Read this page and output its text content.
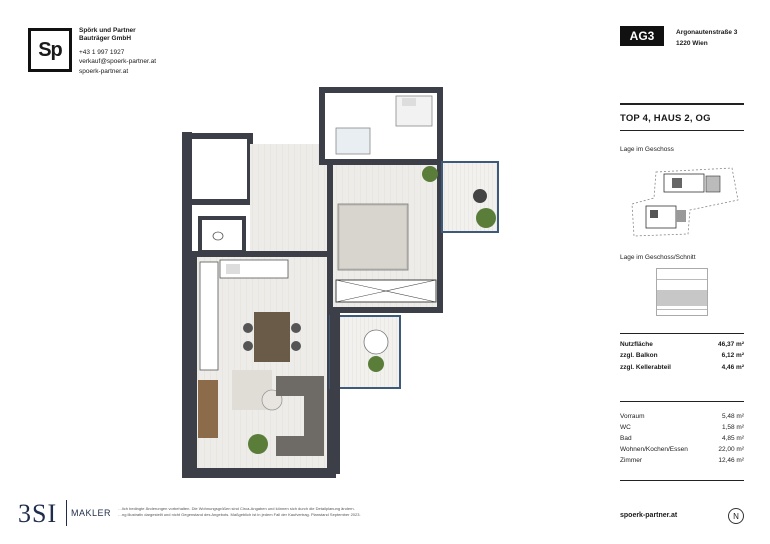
Sp
Spörk und Partner
Bauträger GmbH
+43 1 997 1927
verkauf@spoerk-partner.at
spoerk-partner.at
AG3	Argonautenstraße 3
1220 Wien
TOP 4, HAUS 2, OG
Lage im Geschoss
Lage im Geschoss/Schnitt
Nutzfläche	46,37 m²
zzgl. Balkon	6,12 m²
zzgl. Kellerabteil	4,46 m²
Vorraum	5,48 m²
WC	1,58 m²
Bad	4,85 m²
Wohnen/Kochen/Essen	22,00 m²
Zimmer	12,46 m²
spoerk-partner.at	N
3SI	MAKLER …lich bedingte Änderungen vorbehalten. Die Wohnungsgrößen sind Circa-Angaben und können sich durch die Detailplanung ändern.
…ng illustrativ dargestellt und nicht Gegenstand des Angebots. Maßgeblich ist in jedem Fall der Kaufvertrag. Planstand September 2023.
